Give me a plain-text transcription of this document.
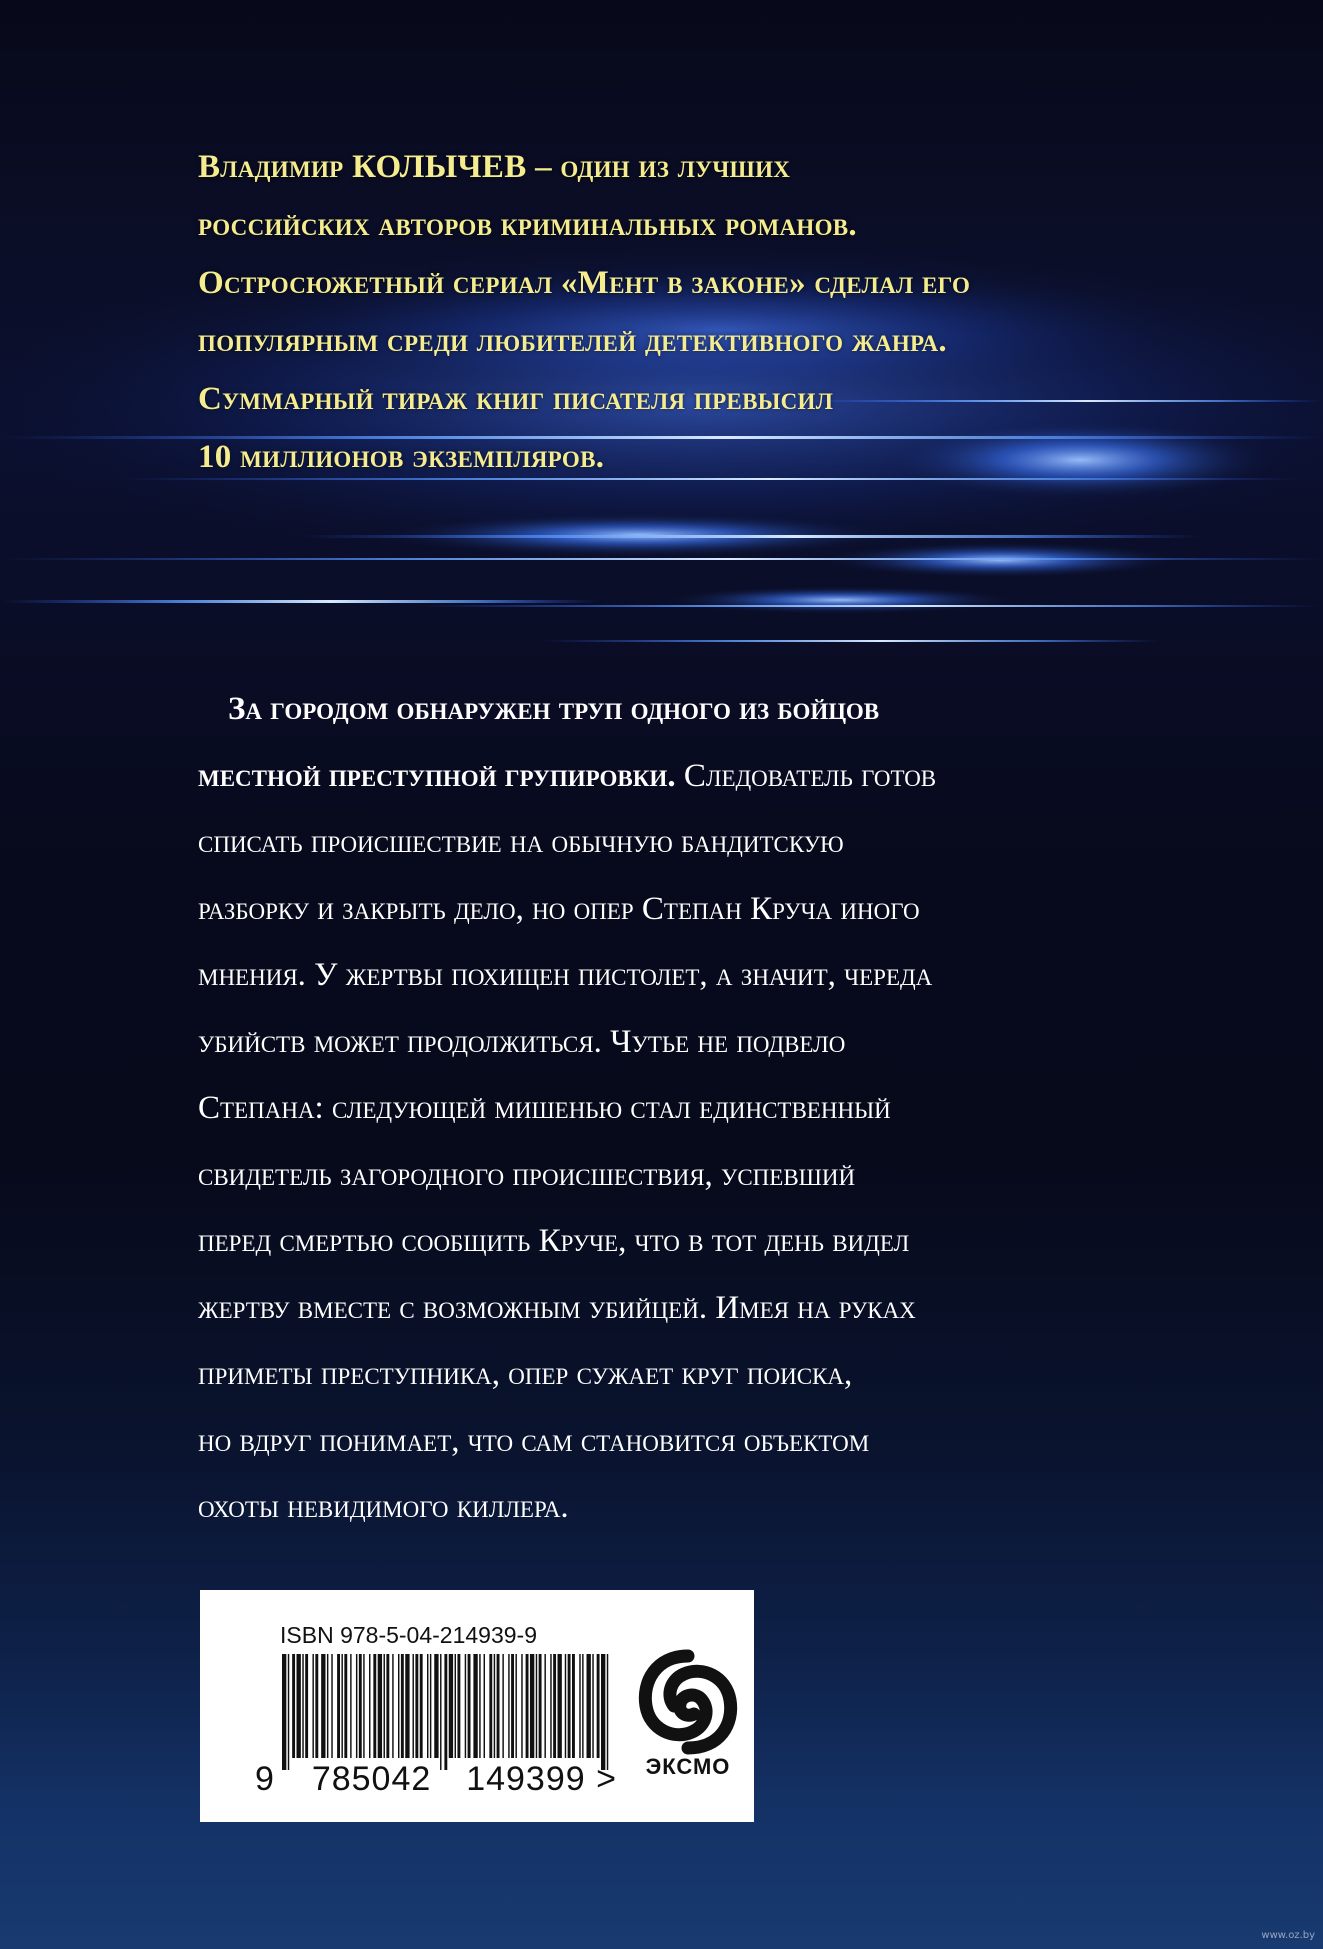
Владимир КОЛЫЧЕВ – один из лучших
российских авторов криминальных романов.
Остросюжетный сериал «Мент в законе» сделал его
популярным среди любителей детективного жанра.
Суммарный тираж книг писателя превысил
10 миллионов экземпляров.

За городом обнаружен труп одного из бойцов
местной преступной групировки. Следователь готов
списать происшествие на обычную бандитскую
разборку и закрыть дело, но опер Степан Круча иного
мнения. У жертвы похищен пистолет, а значит, череда
убийств может продолжиться. Чутье не подвело
Степана: следующей мишенью стал единственный
свидетель загородного происшествия, успевший
перед смертью сообщить Круче, что в тот день видел
жертву вместе с возможным убийцей. Имея на руках
приметы преступника, опер сужает круг поиска,
но вдруг понимает, что сам становится объектом
охоты невидимого киллера.

ISBN 978-5-04-214939-9
9 785042 149399 >	ЭКСМО
www.oz.by
